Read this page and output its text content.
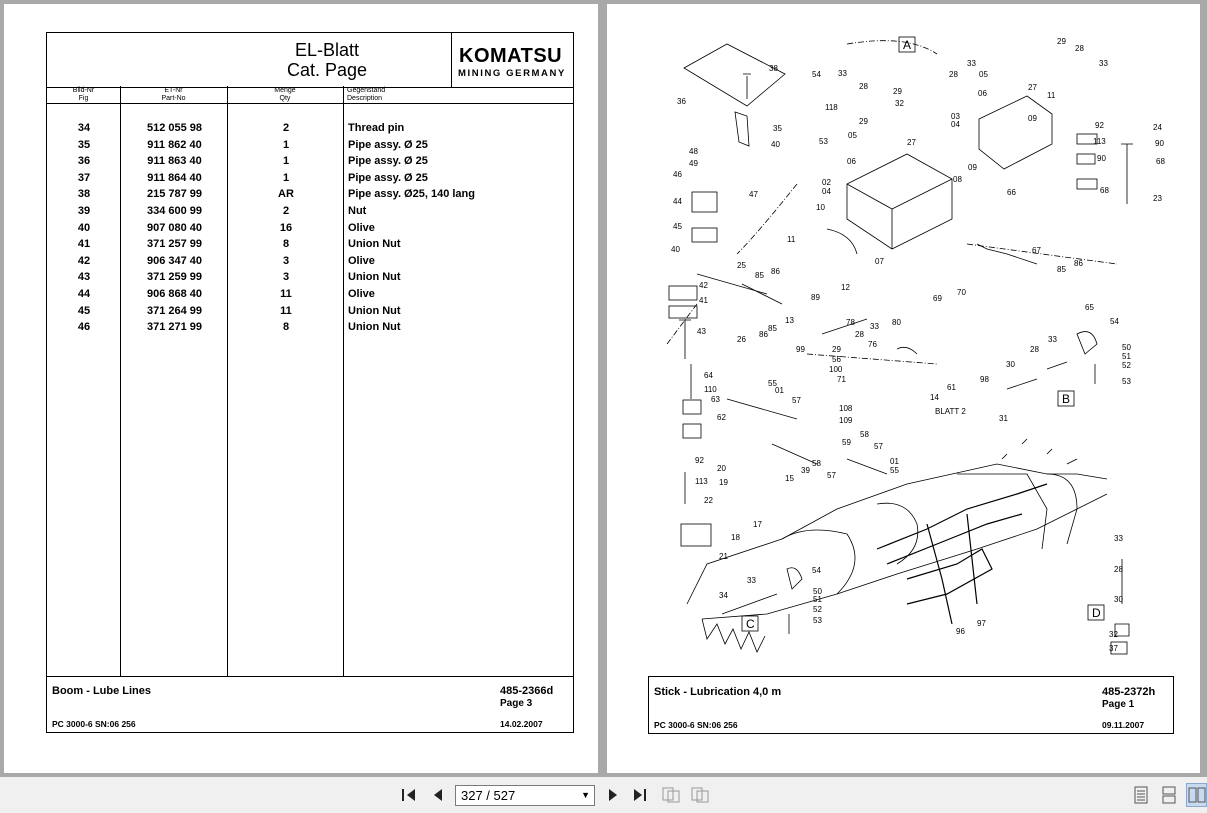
EL-Blatt
Cat. Page
KOMATSU
MINING GERMANY
Bild-Nr
Fig
ET-Nr
Part-No
Menge
Qty
Gegenstand
Description
34	512 055 98	2	Thread pin
35	911 862 40	1	Pipe assy. Ø 25
36	911 863 40	1	Pipe assy. Ø 25
37	911 864 40	1	Pipe assy. Ø 25
38	215 787 99	AR	Pipe assy. Ø25, 140 lang
39	334 600 99	2	Nut
40	907 080 40	16	Olive
41	371 257 99	8	Union Nut
42	906 347 40	3	Olive
43	371 259 99	3	Union Nut
44	906 868 40	11	Olive
45	371 264 99	11	Union Nut
46	371 271 99	8	Union Nut
Boom - Lube Lines	485-2366d
Page 3
PC 3000-6 SN:06 256	14.02.2007
A
B
C
D
BLATT 2
38
36
35
40
54 33
28
118
29
32
29
53
05
06
27
28
33
05
06
03
04
29
28
33
27
11
09
09
08
66
92
113
90
24
90
68
68
23
48
49
46
47
44
45
02
04
10
11
07
40
42
41
25
85 86
89
12
13
85
86
26
43
67
86
85
70
69
65
54
33
28	50
51
52
53
30
98
31
78 33
28
80
76
29
99
56
100
71
14
61
64
110
63
62
55
01
57
108
109
58
59	57
15
39
58
57
01
55
20
19
92
113
22
17
18
21
34
33
54
50
51
52
53
96
97
33
28
30
32
37
Stick - Lubrication 4,0 m	485-2372h
Page 1
PC 3000-6 SN:06 256	09.11.2007
327 / 527	▼
